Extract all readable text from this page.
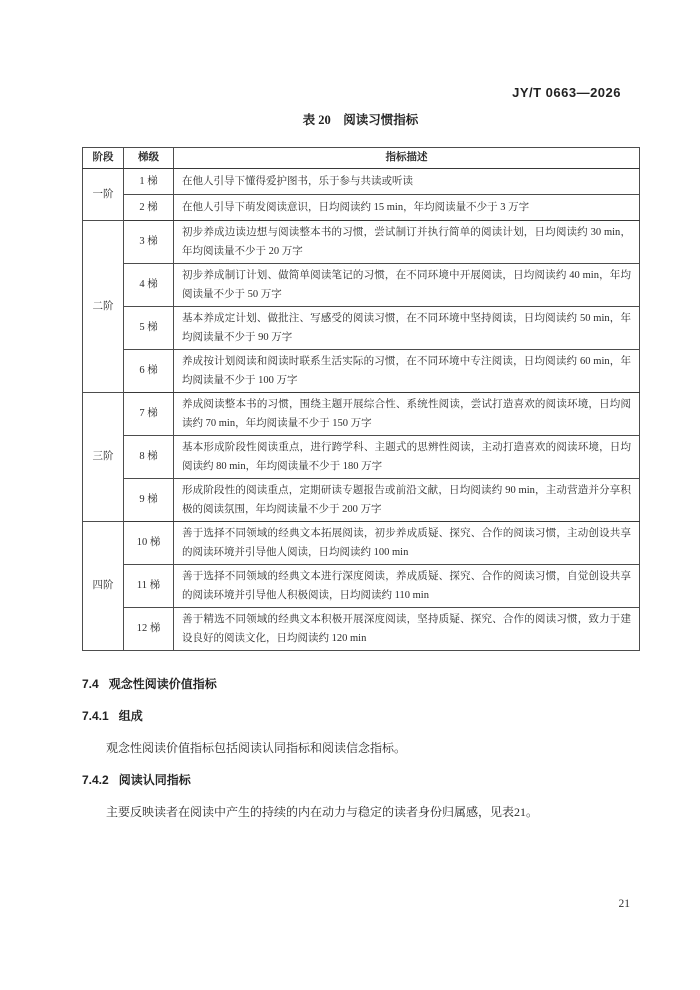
JY/T 0663—2026
表 20　阅读习惯指标
阶段	梯级	指标描述
一阶	1 梯	在他人引导下懂得爱护图书，乐于参与共读或听读
	2 梯	在他人引导下萌发阅读意识，日均阅读约 15 min，年均阅读量不少于 3 万字
二阶	3 梯	初步养成边读边想与阅读整本书的习惯，尝试制订并执行简单的阅读计划，日均阅读约 30 min，年均阅读量不少于 20 万字
	4 梯	初步养成制订计划、做简单阅读笔记的习惯，在不同环境中开展阅读，日均阅读约 40 min，年均阅读量不少于 50 万字
	5 梯	基本养成定计划、做批注、写感受的阅读习惯，在不同环境中坚持阅读，日均阅读约 50 min，年均阅读量不少于 90 万字
	6 梯	养成按计划阅读和阅读时联系生活实际的习惯，在不同环境中专注阅读，日均阅读约 60 min，年均阅读量不少于 100 万字
三阶	7 梯	养成阅读整本书的习惯，围绕主题开展综合性、系统性阅读，尝试打造喜欢的阅读环境，日均阅读约 70 min，年均阅读量不少于 150 万字
	8 梯	基本形成阶段性阅读重点，进行跨学科、主题式的思辨性阅读，主动打造喜欢的阅读环境，日均阅读约 80 min，年均阅读量不少于 180 万字
	9 梯	形成阶段性的阅读重点，定期研读专题报告或前沿文献，日均阅读约 90 min，主动营造并分享积极的阅读氛围，年均阅读量不少于 200 万字
四阶	10 梯	善于选择不同领域的经典文本拓展阅读，初步养成质疑、探究、合作的阅读习惯，主动创设共享的阅读环境并引导他人阅读，日均阅读约 100 min
	11 梯	善于选择不同领域的经典文本进行深度阅读，养成质疑、探究、合作的阅读习惯，自觉创设共享的阅读环境并引导他人积极阅读，日均阅读约 110 min
	12 梯	善于精选不同领域的经典文本积极开展深度阅读，坚持质疑、探究、合作的阅读习惯，致力于建设良好的阅读文化，日均阅读约 120 min
7.4 观念性阅读价值指标
7.4.1 组成

观念性阅读价值指标包括阅读认同指标和阅读信念指标。

7.4.2 阅读认同指标

主要反映读者在阅读中产生的持续的内在动力与稳定的读者身份归属感，见表21。

21
